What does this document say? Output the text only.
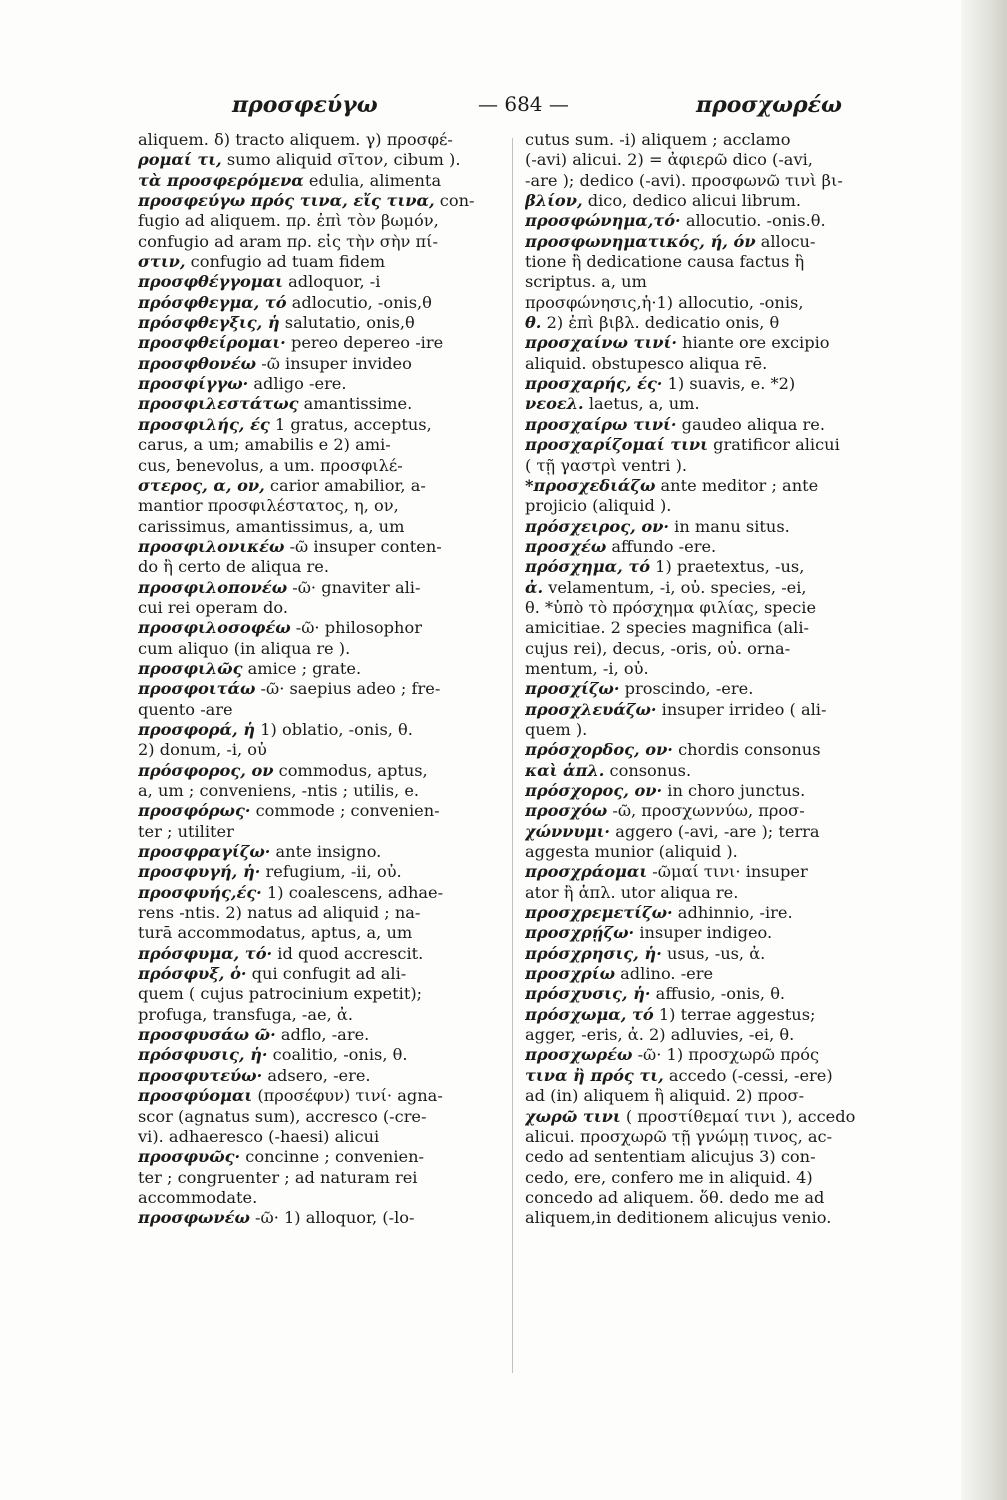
προσφεύγω	— 684 —	προσχωρέω
aliquem. δ) tracto aliquem. γ) προσφέ-
ρομαί τι, sumo aliquid σῖτον, cibum ).
τὰ προσφερόμενα edulia, alimenta
προσφεύγω πρός τινα, εἴς τινα, con-
fugio ad aliquem. πρ. ἐπὶ τὸν βωμόν,
confugio ad aram πρ. εἰς τὴν σὴν πί-
στιν, confugio ad tuam fidem
προσφθέγγομαι adloquor, -i
πρόσφθεγμα, τό adlocutio, -onis,θ
πρόσφθεγξις, ἡ salutatio, onis,θ
προσφθείρομαι· pereo depereo -ire
προσφθονέω -ῶ insuper invideo
προσφίγγω· adligo -ere.
προσφιλεστάτως amantissime.
προσφιλής, ές 1 gratus, acceptus,
carus, a um; amabilis e 2) ami-
cus, benevolus, a um. προσφιλέ-
στερος, α, ον, carior amabilior, a-
mantior προσφιλέστατος, η, ον,
carissimus, amantissimus, a, um
προσφιλονικέω -ῶ insuper conten-
do ἢ certo de aliqua re.
προσφιλοπονέω -ῶ· gnaviter ali-
cui rei operam do.
προσφιλοσοφέω -ῶ· philosophor
cum aliquo (in aliqua re ).
προσφιλῶς amice ; grate.
προσφοιτάω -ῶ· saepius adeo ; fre-
quento -are
προσφορά, ἡ 1) oblatio, -onis, θ.
2) donum, -i, οὐ
πρόσφορος, ον commodus, aptus,
a, um ; conveniens, -ntis ; utilis, e.
προσφόρως· commode ; convenien-
ter ; utiliter
προσφραγίζω· ante insigno.
προσφυγή, ἡ· refugium, -ii, οὐ.
προσφυής,ές· 1) coalescens, adhae-
rens -ntis. 2) natus ad aliquid ; na-
turā accommodatus, aptus, a, um
πρόσφυμα, τό· id quod accrescit.
πρόσφυξ, ὁ· qui confugit ad ali-
quem ( cujus patrocinium expetit);
profuga, transfuga, -ae, ἀ.
προσφυσάω ῶ· adflo, -are.
πρόσφυσις, ἡ· coalitio, -onis, θ.
προσφυτεύω· adsero, -ere.
προσφύομαι (προσέφυν) τινί· agna-
scor (agnatus sum), accresco (-cre-
vi). adhaeresco (-haesi) alicui
προσφυῶς· concinne ; convenien-
ter ; congruenter ; ad naturam rei
accommodate.
προσφωνέω -ῶ· 1) alloquor, (-lo-
cutus sum. -i) aliquem ; acclamo
(-avi) alicui. 2) = ἀφιερῶ dico (-avi,
-are ); dedico (-avi). προσφωνῶ τινὶ βι-
βλίον, dico, dedico alicui librum.
προσφώνημα,τό· allocutio. -onis.θ.
προσφωνηματικός, ή, όν allocu-
tione ἢ dedicatione causa factus ἢ
scriptus. a, um
προσφώνησις,ἡ·1) allocutio, -onis,
θ. 2) ἐπὶ βιβλ. dedicatio onis, θ
προσχαίνω τινί· hiante ore excipio
aliquid. obstupesco aliqua rē.
προσχαρής, ές· 1) suavis, e. *2)
νεοελ. laetus, a, um.
προσχαίρω τινί· gaudeo aliqua re.
προσχαρίζομαί τινι gratificor alicui
( τῇ γαστρὶ ventri ).
*προσχεδιάζω ante meditor ; ante
projicio (aliquid ).
πρόσχειρος, ον· in manu situs.
προσχέω affundo -ere.
πρόσχημα, τό 1) praetextus, -us,
ἀ. velamentum, -i, οὐ. species, -ei,
θ. *ὑπὸ τὸ πρόσχημα φιλίας, specie
amicitiae. 2 species magnifica (ali-
cujus rei), decus, -oris, οὐ. orna-
mentum, -i, οὐ.
προσχίζω· proscindo, -ere.
προσχλευάζω· insuper irrideo ( ali-
quem ).
πρόσχορδος, ον· chordis consonus
καὶ ἁπλ. consonus.
πρόσχορος, ον· in choro junctus.
προσχόω -ῶ, προσχωννύω, προσ-
χώννυμι· aggero (-avi, -are ); terra
aggesta munior (aliquid ).
προσχράομαι -ῶμαί τινι· insuper
ator ἢ ἁπλ. utor aliqua re.
προσχρεμετίζω· adhinnio, -ire.
προσχρῄζω· insuper indigeo.
πρόσχρησις, ἡ· usus, -us, ἀ.
προσχρίω adlino. -ere
πρόσχυσις, ἡ· affusio, -onis, θ.
πρόσχωμα, τό 1) terrae aggestus;
agger, -eris, ἀ. 2) adluvies, -ei, θ.
προσχωρέω -ῶ· 1) προσχωρῶ πρός
τινα ἢ πρός τι, accedo (-cessi, -ere)
ad (in) aliquem ἢ aliquid. 2) προσ-
χωρῶ τινι ( προστίθεμαί τινι ), accedo
alicui. προσχωρῶ τῇ γνώμῃ τινος, ac-
cedo ad sententiam alicujus 3) con-
cedo, ere, confero me in aliquid. 4)
concedo ad aliquem. ὅθ. dedo me ad
aliquem,in deditionem alicujus venio.
